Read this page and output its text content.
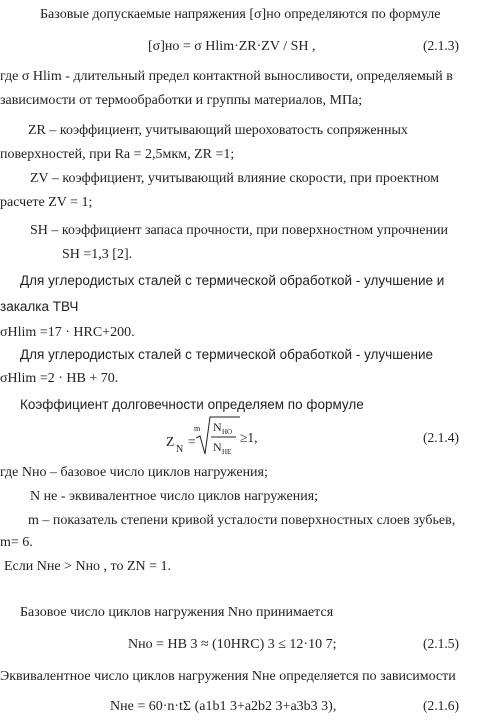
Базовые допускаемые напряжения [σ]но определяются по формуле
[σ]но = σ Hlim·ZR·ZV / SH ,	(2.1.3)
где σ Hlim - длительный предел контактной выносливости, определяемый в
зависимости от термообработки и группы материалов, МПа;
ZR – коэффициент, учитывающий шероховатость сопряженных
поверхностей, при Ra = 2,5мкм, ZR =1;
ZV – коэффициент, учитывающий влияние скорости, при проектном
расчете ZV = 1;
SH – коэффициент запаса прочности, при поверхностном упрочнении
SH =1,3 [2].
Для углеродистых сталей с термической обработкой - улучшение и
закалка ТВЧ
σHlim =17 · HRC+200.
Для углеродистых сталей с термической обработкой - улучшение
σHlim =2 · HB + 70.
Коэффициент долговечности определяем по формуле
Z
N
=
m N HO
N HE
≥1,	(2.1.4)
где Nно – базовое число циклов нагружения;
N не - эквивалентное число циклов нагружения;
m – показатель степени кривой усталости поверхностных слоев зубьев,
m= 6.
Если Nне > Nно , то ZN = 1.
Базовое число циклов нагружения Nно принимается
Nно = HB 3 ≈ (10HRC) 3 ≤ 12·10 7;	(2.1.5)
Эквивалентное число циклов нагружения Nне определяется по зависимости
Nне = 60·n·tΣ (a1b1 3+a2b2 3+a3b3 3),	(2.1.6)
